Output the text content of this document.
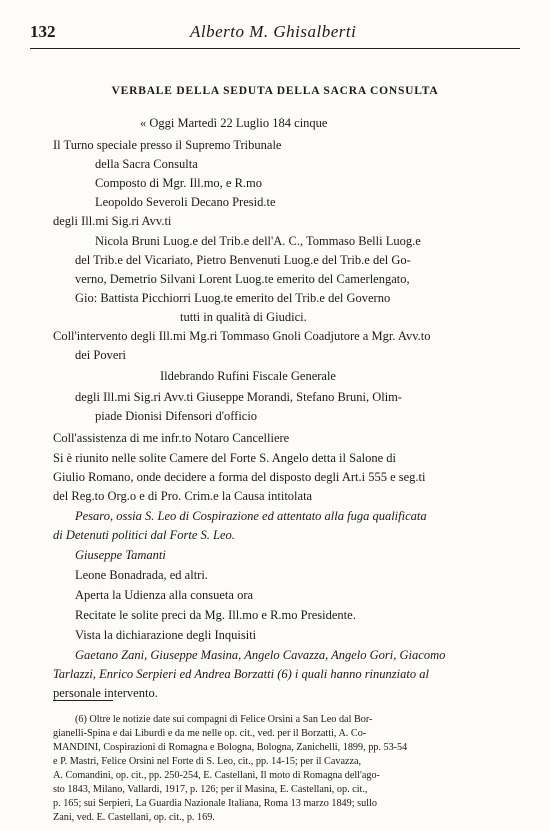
132	Alberto M. Ghisalberti
VERBALE DELLA SEDUTA DELLA SACRA CONSULTA
« Oggi Martedì 22 Luglio 184 cinque
Il Turno speciale presso il Supremo Tribunale
della Sacra Consulta
Composto di Mgr. Ill.mo, e R.mo
Leopoldo Severoli Decano Presid.te
degli Ill.mi Sig.ri Avv.ti
Nicola Bruni Luog.e del Trib.e dell'A. C., Tommaso Belli Luog.e
del Trib.e del Vicariato, Pietro Benvenuti Luog.e del Trib.e del Go-
verno, Demetrio Silvani Lorent Luog.te emerito del Camerlengato,
Gio: Battista Picchiorri Luog.te emerito del Trib.e del Governo
tutti in qualità di Giudici.
Coll'intervento degli Ill.mi Mg.ri Tommaso Gnoli Coadjutore a Mgr. Avv.to
dei Poveri
Ildebrando Rufini Fiscale Generale
degli Ill.mi Sig.ri Avv.ti Giuseppe Morandi, Stefano Bruni, Olim-
piade Dionisi Difensori d'officio
Coll'assistenza di me infr.to Notaro Cancelliere
Si è riunito nelle solite Camere del Forte S. Angelo detta il Salone di
Giulio Romano, onde decidere a forma del disposto degli Art.i 555 e seg.ti
del Reg.to Org.o e di Pro. Crim.e la Causa intitolata
Pesaro, ossia S. Leo di Cospirazione ed attentato alla fuga qualificata
di Detenuti politici dal Forte S. Leo.
Giuseppe Tamanti
Leone Bonadrada, ed altri.
Aperta la Udienza alla consueta ora
Recitate le solite preci da Mg. Ill.mo e R.mo Presidente.
Vista la dichiarazione degli Inquisiti
Gaetano Zani, Giuseppe Masina, Angelo Cavazza, Angelo Gori, Giacomo
Tarlazzi, Enrico Serpieri ed Andrea Borzatti (6) i quali hanno rinunziato al
personale intervento.
(6) Oltre le notizie date sui compagni di Felice Orsini a San Leo dal Bor-
gianelli-Spina e dai Liburdi e da me nelle op. cit., ved. per il Borzatti, A. Co-
MANDINI, Cospirazioni di Romagna e Bologna, Bologna, Zanichelli, 1899, pp. 53-54
e P. Mastri, Felice Orsini nel Forte di S. Leo, cit., pp. 14-15; per il Cavazza,
A. Comandini, op. cit., pp. 250-254, E. Castellani, Il moto di Romagna dell'ago-
sto 1843, Milano, Vallardi, 1917, p. 126; per il Masina, E. Castellani, op. cit.,
p. 165; sui Serpieri, La Guardia Nazionale Italiana, Roma 13 marzo 1849; sullo
Zani, ved. E. Castellani, op. cit., p. 169.
